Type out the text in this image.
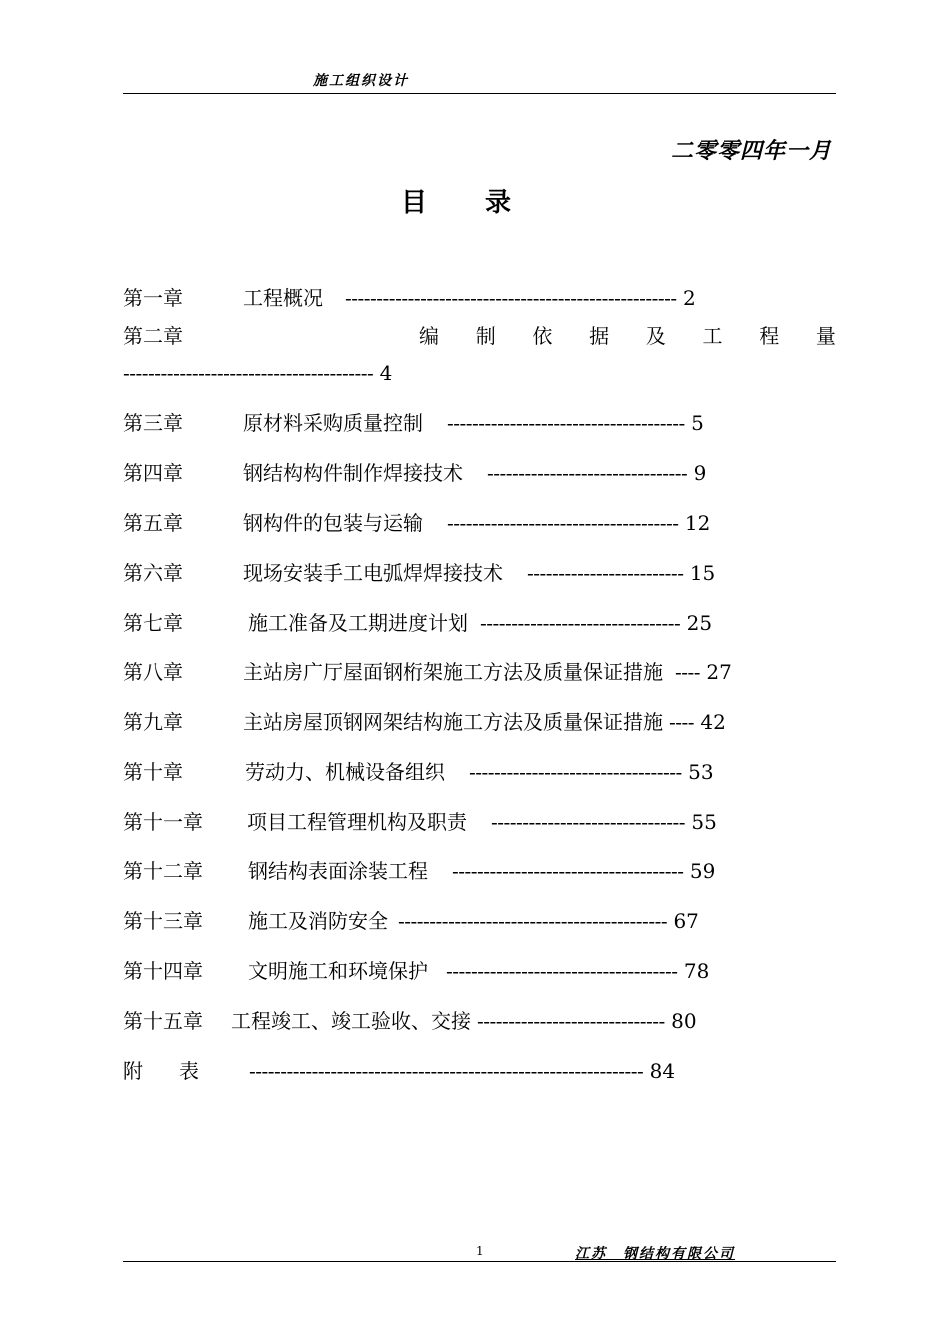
施工组织设计
二零零四年一月
目录
第一章	工程概况 ----------------------------------------------------- 2
第二章	编 制 依 据 及 工 程 量
---------------------------------------- 4
第三章	原材料采购质量控制 -------------------------------------- 5
第四章	钢结构构件制作焊接技术 -------------------------------- 9
第五章	钢构件的包装与运输 ------------------------------------- 12
第六章	现场安装手工电弧焊焊接技术 ------------------------- 15
第七章	施工准备及工期进度计划 -------------------------------- 25
第八章	主站房广厅屋面钢桁架施工方法及质量保证措施 ---- 27
第九章	主站房屋顶钢网架结构施工方法及质量保证措施 ---- 42
第十章	劳动力、机械设备组织 ---------------------------------- 53
第十一章 项目工程管理机构及职责 ------------------------------- 55
第十二章 钢结构表面涂装工程 ------------------------------------- 59
第十三章 施工及消防安全 ------------------------------------------- 67
第十四章 文明施工和环境保护 ------------------------------------- 78
第十五章 工程竣工、竣工验收、交接 ------------------------------ 80
附　表 --------------------------------------------------------------- 84
1	江苏　钢结构有限公司
